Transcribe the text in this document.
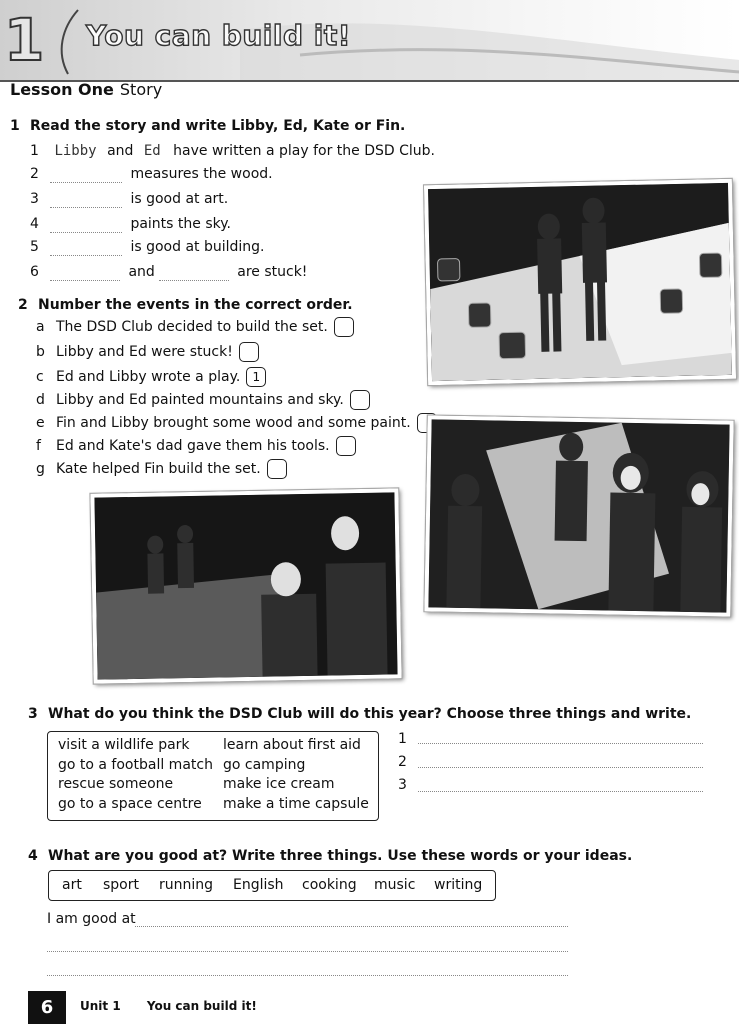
1 You can build it!
Lesson One Story
1 Read the story and write Libby, Ed, Kate or Fin.
1 Libby and Ed have written a play for the DSD Club.
2	measures the wood.
3	is good at art.
4	paints the sky.
5	is good at building.
6	and	are stuck!
2 Number the events in the correct order.
a The DSD Club decided to build the set.
b Libby and Ed were stuck!
c Ed and Libby wrote a play. 1
d Libby and Ed painted mountains and sky.
e Fin and Libby brought some wood and some paint.
f Ed and Kate's dad gave them his tools.
g Kate helped Fin build the set.
3 What do you think the DSD Club will do this year? Choose three things and write.
visit a wildlife park
go to a football match
rescue someone
go to a space centre
learn about first aid
go camping
make ice cream
make a time capsule
1
2
3
4 What are you good at? Write three things. Use these words or your ideas.
art sport running English cooking music writing
I am good at
6	Unit 1 You can build it!
